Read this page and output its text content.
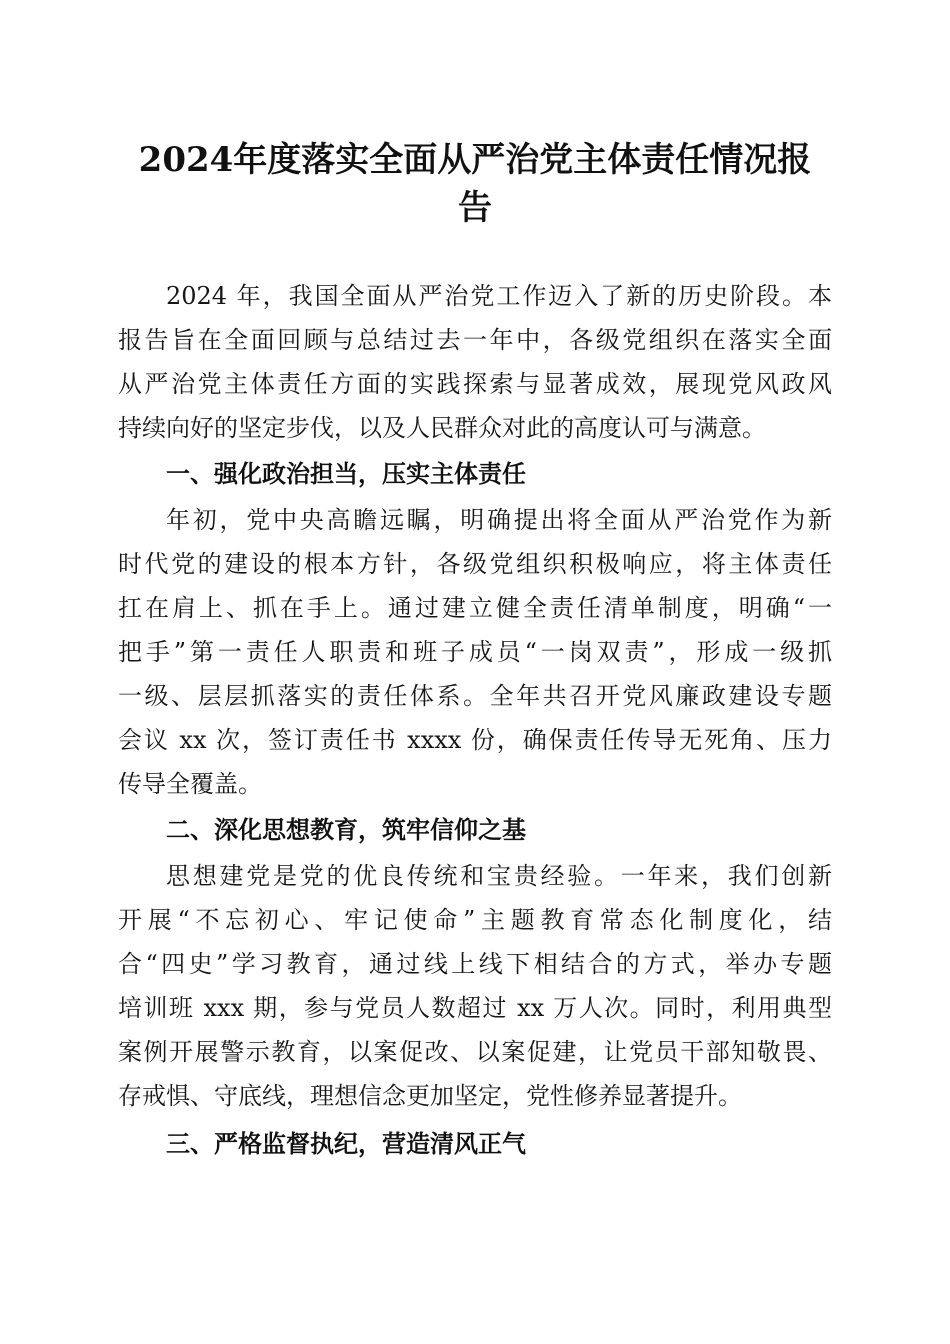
2024年度落实全面从严治党主体责任情况报
告
2024 年，我国全面从严治党工作迈入了新的历史阶段。本
报告旨在全面回顾与总结过去一年中，各级党组织在落实全面
从严治党主体责任方面的实践探索与显著成效，展现党风政风
持续向好的坚定步伐，以及人民群众对此的高度认可与满意。
一、强化政治担当，压实主体责任
年初，党中央高瞻远瞩，明确提出将全面从严治党作为新
时代党的建设的根本方针，各级党组织积极响应，将主体责任
扛在肩上、抓在手上。通过建立健全责任清单制度，明确“一
把手”第一责任人职责和班子成员“一岗双责”，形成一级抓
一级、层层抓落实的责任体系。全年共召开党风廉政建设专题
会议 xx 次，签订责任书 xxxx 份，确保责任传导无死角、压力
传导全覆盖。
二、深化思想教育，筑牢信仰之基
思想建党是党的优良传统和宝贵经验。一年来，我们创新
开展“不忘初心、牢记使命”主题教育常态化制度化，结
合“四史”学习教育，通过线上线下相结合的方式，举办专题
培训班 xxx 期，参与党员人数超过 xx 万人次。同时，利用典型
案例开展警示教育，以案促改、以案促建，让党员干部知敬畏、
存戒惧、守底线，理想信念更加坚定，党性修养显著提升。
三、严格监督执纪，营造清风正气
